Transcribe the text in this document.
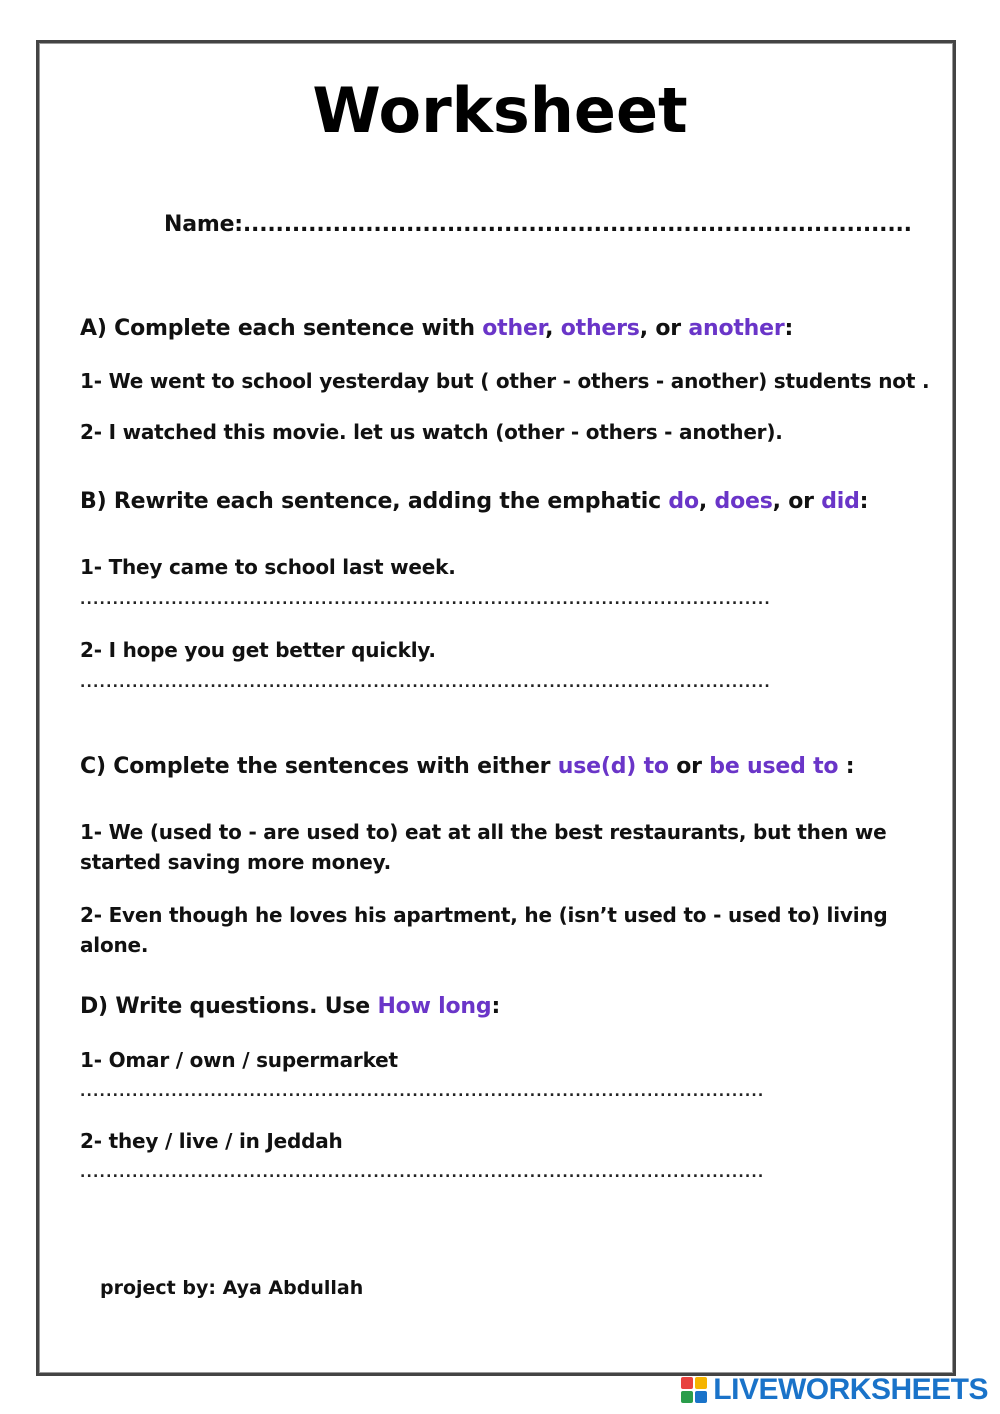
Worksheet
Name:..................................................................................
A) Complete each sentence with other, others, or another:
1- We went to school yesterday but ( other - others - another) students not .
2- I watched this movie. let us watch (other - others - another).
B) Rewrite each sentence, adding the emphatic do, does, or did:
1- They came to school last week.
..........................................................................................................
2- I hope you get better quickly.
..........................................................................................................
C) Complete the sentences with either use(d) to or be used to :
1- We (used to - are used to) eat at all the best restaurants, but then we
started saving more money.
2- Even though he loves his apartment, he (isn’t used to - used to) living
alone.
D) Write questions. Use How long:
1- Omar / own / supermarket
.........................................................................................................
2- they / live / in Jeddah
.........................................................................................................
project by: Aya Abdullah
LIVEWORKSHEETS
